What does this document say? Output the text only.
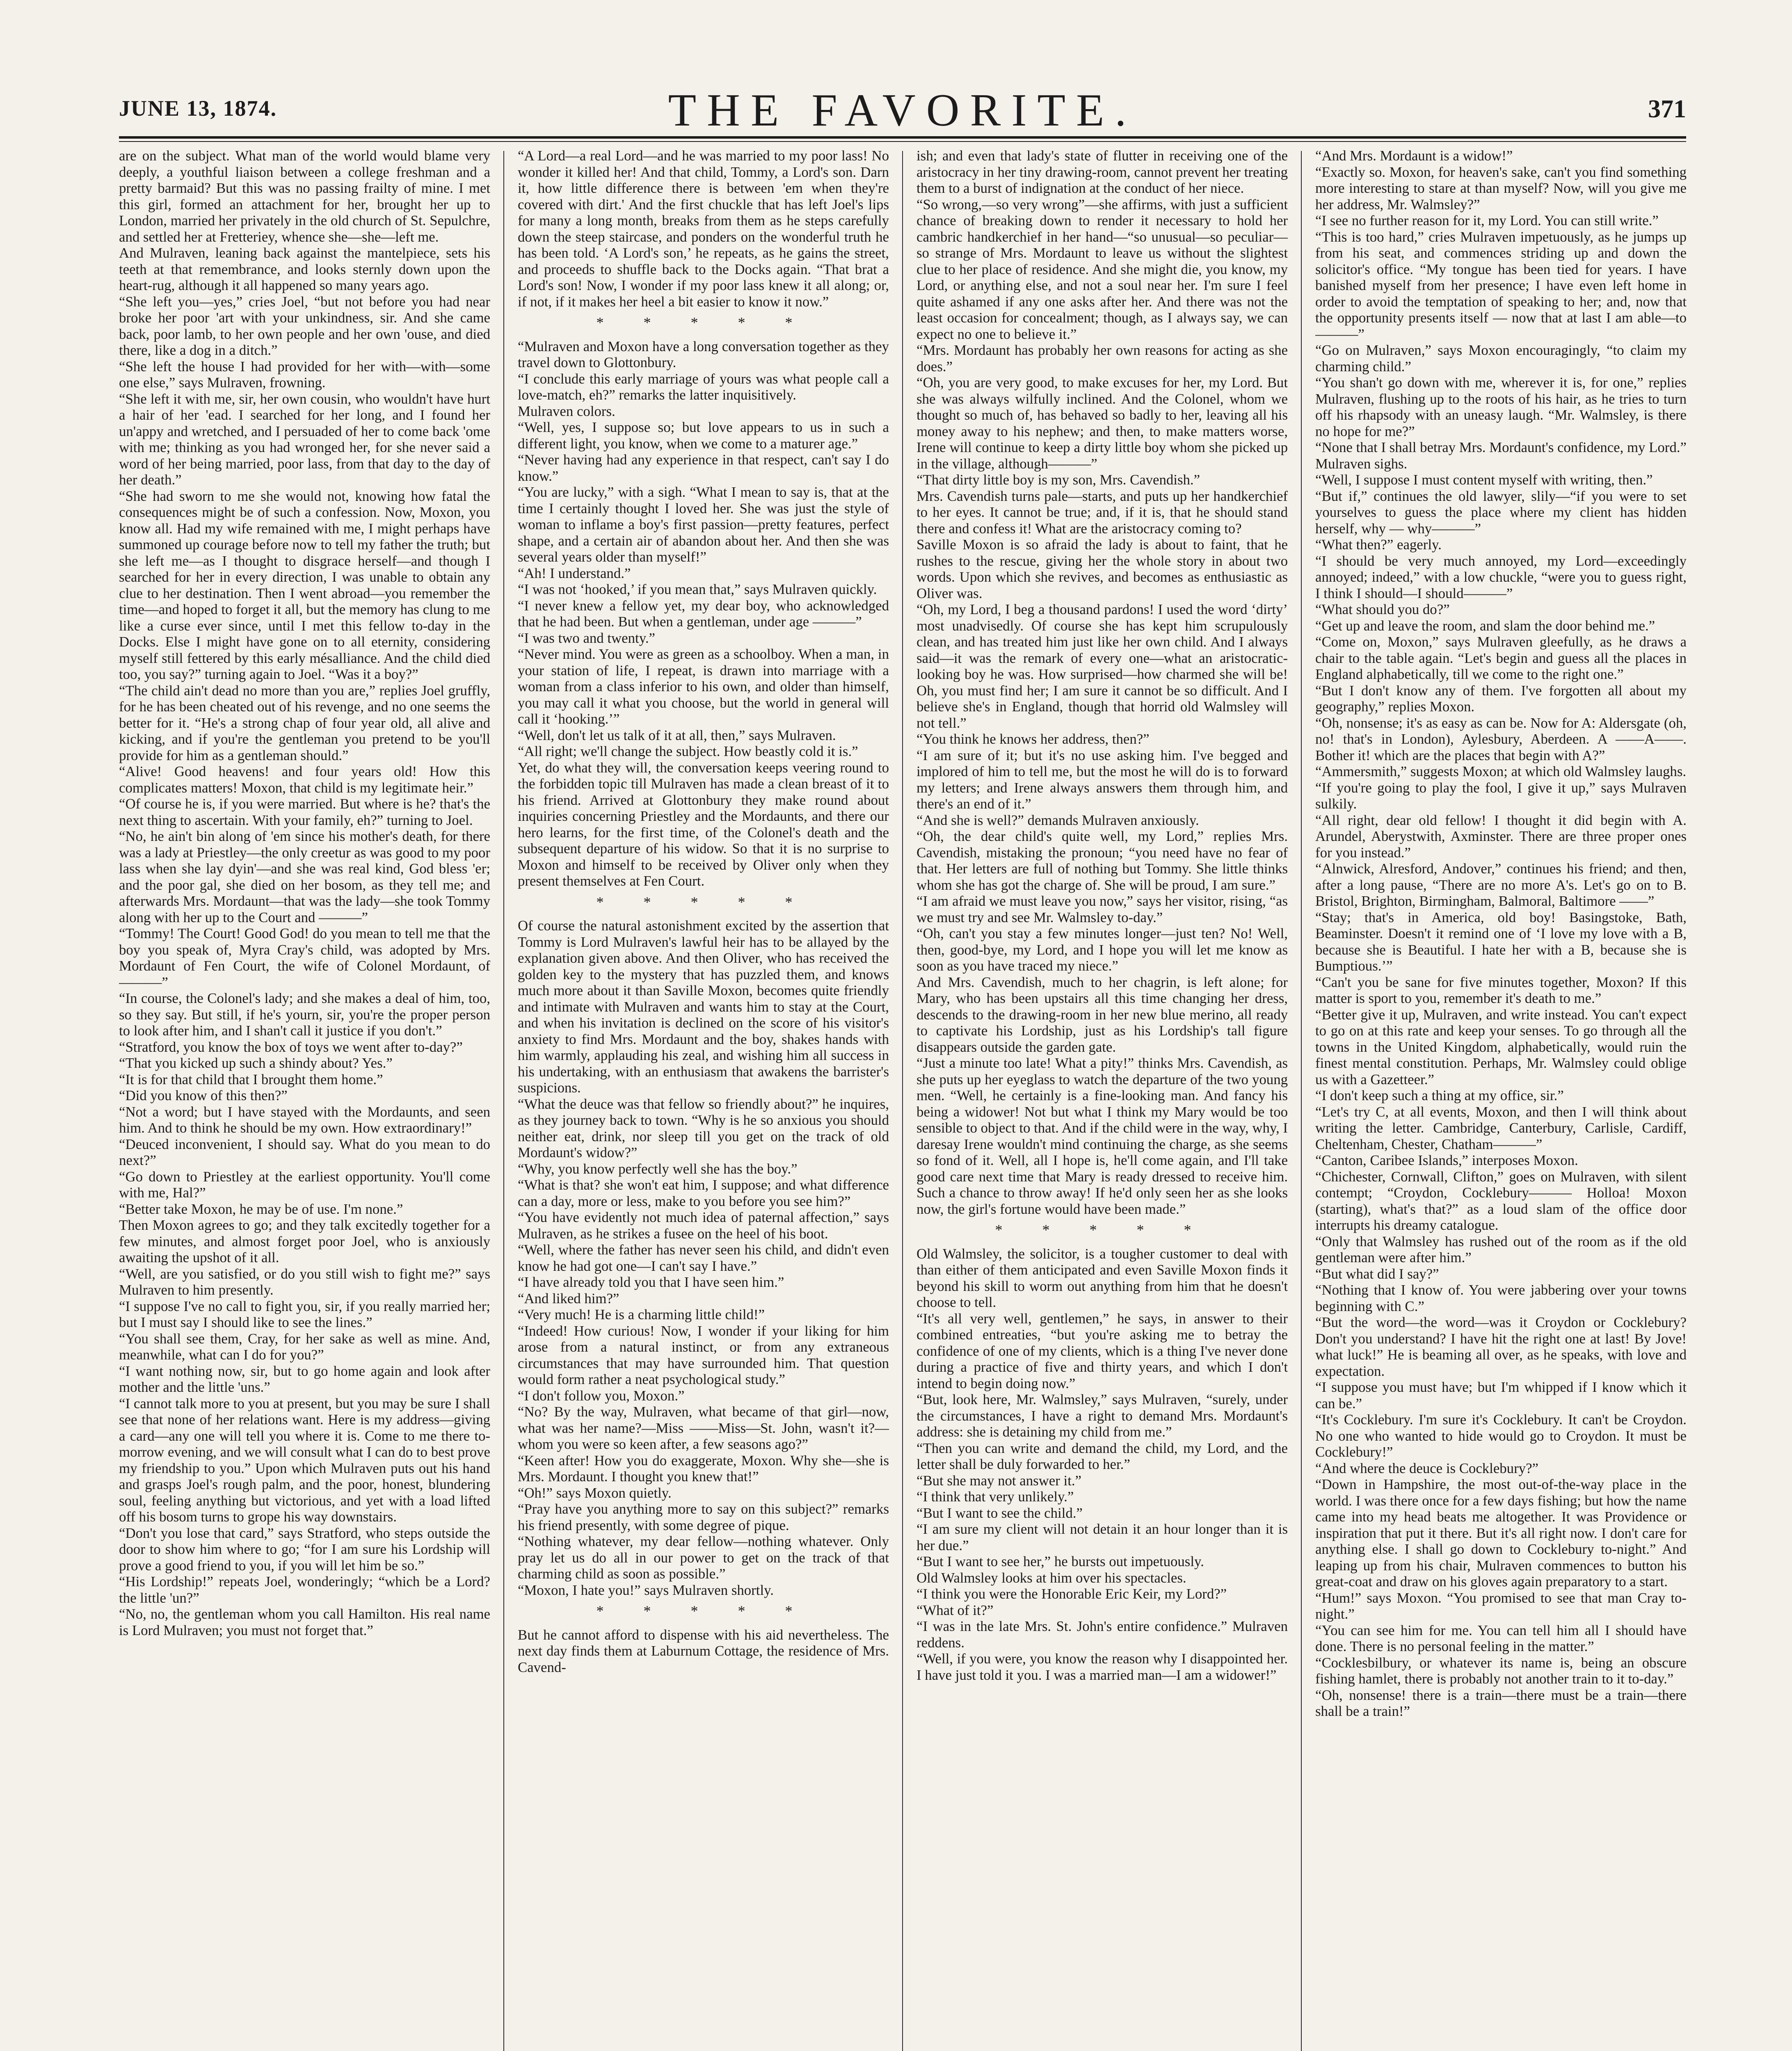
JUNE 13, 1874.	THE FAVORITE.	371

are on the subject. What man of the world would blame very deeply, a youthful liaison between a college freshman and a pretty barmaid? But this was no passing frailty of mine. I met this girl, formed an attachment for her, brought her up to London, married her privately in the old church of St. Sepulchre, and settled her at Fretteriey, whence she—she—left me.

And Mulraven, leaning back against the mantelpiece, sets his teeth at that remembrance, and looks sternly down upon the heart-rug, although it all happened so many years ago.

“She left you—yes,” cries Joel, “but not before you had near broke her poor 'art with your unkindness, sir. And she came back, poor lamb, to her own people and her own 'ouse, and died there, like a dog in a ditch.”

“She left the house I had provided for her with—with—some one else,” says Mulraven, frowning.

“She left it with me, sir, her own cousin, who wouldn't have hurt a hair of her 'ead. I searched for her long, and I found her un'appy and wretched, and I persuaded of her to come back 'ome with me; thinking as you had wronged her, for she never said a word of her being married, poor lass, from that day to the day of her death.”

“She had sworn to me she would not, knowing how fatal the consequences might be of such a confession. Now, Moxon, you know all. Had my wife remained with me, I might perhaps have summoned up courage before now to tell my father the truth; but she left me—as I thought to disgrace herself—and though I searched for her in every direction, I was unable to obtain any clue to her destination. Then I went abroad—you remember the time—and hoped to forget it all, but the memory has clung to me like a curse ever since, until I met this fellow to-day in the Docks. Else I might have gone on to all eternity, considering myself still fettered by this early mésalliance. And the child died too, you say?” turning again to Joel. “Was it a boy?”

“The child ain't dead no more than you are,” replies Joel gruffly, for he has been cheated out of his revenge, and no one seems the better for it. “He's a strong chap of four year old, all alive and kicking, and if you're the gentleman you pretend to be you'll provide for him as a gentleman should.”

“Alive! Good heavens! and four years old! How this complicates matters! Moxon, that child is my legitimate heir.”

“Of course he is, if you were married. But where is he? that's the next thing to ascertain. With your family, eh?” turning to Joel.

“No, he ain't bin along of 'em since his mother's death, for there was a lady at Priestley—the only creetur as was good to my poor lass when she lay dyin'—and she was real kind, God bless 'er; and the poor gal, she died on her bosom, as they tell me; and afterwards Mrs. Mordaunt—that was the lady—she took Tommy along with her up to the Court and ———”

“Tommy! The Court! Good God! do you mean to tell me that the boy you speak of, Myra Cray's child, was adopted by Mrs. Mordaunt of Fen Court, the wife of Colonel Mordaunt, of ———”

“In course, the Colonel's lady; and she makes a deal of him, too, so they say. But still, if he's yourn, sir, you're the proper person to look after him, and I shan't call it justice if you don't.”

“Stratford, you know the box of toys we went after to-day?”

“That you kicked up such a shindy about? Yes.”

“It is for that child that I brought them home.”

“Did you know of this then?”

“Not a word; but I have stayed with the Mordaunts, and seen him. And to think he should be my own. How extraordinary!”

“Deuced inconvenient, I should say. What do you mean to do next?”

“Go down to Priestley at the earliest opportunity. You'll come with me, Hal?”

“Better take Moxon, he may be of use. I'm none.”

Then Moxon agrees to go; and they talk excitedly together for a few minutes, and almost forget poor Joel, who is anxiously awaiting the upshot of it all.

“Well, are you satisfied, or do you still wish to fight me?” says Mulraven to him presently.

“I suppose I've no call to fight you, sir, if you really married her; but I must say I should like to see the lines.”

“You shall see them, Cray, for her sake as well as mine. And, meanwhile, what can I do for you?”

“I want nothing now, sir, but to go home again and look after mother and the little 'uns.”

“I cannot talk more to you at present, but you may be sure I shall see that none of her relations want. Here is my address—giving a card—any one will tell you where it is. Come to me there to-morrow evening, and we will consult what I can do to best prove my friendship to you.” Upon which Mulraven puts out his hand and grasps Joel's rough palm, and the poor, honest, blundering soul, feeling anything but victorious, and yet with a load lifted off his bosom turns to grope his way downstairs.

“Don't you lose that card,” says Stratford, who steps outside the door to show him where to go; “for I am sure his Lordship will prove a good friend to you, if you will let him be so.”

“His Lordship!” repeats Joel, wonderingly; “which be a Lord? the little 'un?”

“No, no, the gentleman whom you call Hamilton. His real name is Lord Mulraven; you must not forget that.”

“A Lord—a real Lord—and he was married to my poor lass! No wonder it killed her! And that child, Tommy, a Lord's son. Darn it, how little difference there is between 'em when they're covered with dirt.' And the first chuckle that has left Joel's lips for many a long month, breaks from them as he steps carefully down the steep staircase, and ponders on the wonderful truth he has been told. ‘A Lord's son,’ he repeats, as he gains the street, and proceeds to shuffle back to the Docks again. “That brat a Lord's son! Now, I wonder if my poor lass knew it all along; or, if not, if it makes her heel a bit easier to know it now.”

* * * * *

“Mulraven and Moxon have a long conversation together as they travel down to Glottonbury.

“I conclude this early marriage of yours was what people call a love-match, eh?” remarks the latter inquisitively.

Mulraven colors.

“Well, yes, I suppose so; but love appears to us in such a different light, you know, when we come to a maturer age.”

“Never having had any experience in that respect, can't say I do know.”

“You are lucky,” with a sigh. “What I mean to say is, that at the time I certainly thought I loved her. She was just the style of woman to inflame a boy's first passion—pretty features, perfect shape, and a certain air of abandon about her. And then she was several years older than myself!”

“Ah! I understand.”

“I was not ‘hooked,’ if you mean that,” says Mulraven quickly.

“I never knew a fellow yet, my dear boy, who acknowledged that he had been. But when a gentleman, under age ———”

“I was two and twenty.”

“Never mind. You were as green as a schoolboy. When a man, in your station of life, I repeat, is drawn into marriage with a woman from a class inferior to his own, and older than himself, you may call it what you choose, but the world in general will call it ‘hooking.’”

“Well, don't let us talk of it at all, then,” says Mulraven.

“All right; we'll change the subject. How beastly cold it is.”

Yet, do what they will, the conversation keeps veering round to the forbidden topic till Mulraven has made a clean breast of it to his friend. Arrived at Glottonbury they make round about inquiries concerning Priestley and the Mordaunts, and there our hero learns, for the first time, of the Colonel's death and the subsequent departure of his widow. So that it is no surprise to Moxon and himself to be received by Oliver only when they present themselves at Fen Court.

* * * * *

Of course the natural astonishment excited by the assertion that Tommy is Lord Mulraven's lawful heir has to be allayed by the explanation given above. And then Oliver, who has received the golden key to the mystery that has puzzled them, and knows much more about it than Saville Moxon, becomes quite friendly and intimate with Mulraven and wants him to stay at the Court, and when his invitation is declined on the score of his visitor's anxiety to find Mrs. Mordaunt and the boy, shakes hands with him warmly, applauding his zeal, and wishing him all success in his undertaking, with an enthusiasm that awakens the barrister's suspicions.

“What the deuce was that fellow so friendly about?” he inquires, as they journey back to town. “Why is he so anxious you should neither eat, drink, nor sleep till you get on the track of old Mordaunt's widow?”

“Why, you know perfectly well she has the boy.”

“What is that? she won't eat him, I suppose; and what difference can a day, more or less, make to you before you see him?”

“You have evidently not much idea of paternal affection,” says Mulraven, as he strikes a fusee on the heel of his boot.

“Well, where the father has never seen his child, and didn't even know he had got one—I can't say I have.”

“I have already told you that I have seen him.”

“And liked him?”

“Very much! He is a charming little child!”

“Indeed! How curious! Now, I wonder if your liking for him arose from a natural instinct, or from any extraneous circumstances that may have surrounded him. That question would form rather a neat psychological study.”

“I don't follow you, Moxon.”

“No? By the way, Mulraven, what became of that girl—now, what was her name?—Miss ——Miss—St. John, wasn't it?—whom you were so keen after, a few seasons ago?”

“Keen after! How you do exaggerate, Moxon. Why she—she is Mrs. Mordaunt. I thought you knew that!”

“Oh!” says Moxon quietly.

“Pray have you anything more to say on this subject?” remarks his friend presently, with some degree of pique.

“Nothing whatever, my dear fellow—nothing whatever. Only pray let us do all in our power to get on the track of that charming child as soon as possible.”

“Moxon, I hate you!” says Mulraven shortly.

* * * * *

But he cannot afford to dispense with his aid nevertheless. The next day finds them at Laburnum Cottage, the residence of Mrs. Cavend-

ish; and even that lady's state of flutter in receiving one of the aristocracy in her tiny drawing-room, cannot prevent her treating them to a burst of indignation at the conduct of her niece.

“So wrong,—so very wrong”—she affirms, with just a sufficient chance of breaking down to render it necessary to hold her cambric handkerchief in her hand—“so unusual—so peculiar—so strange of Mrs. Mordaunt to leave us without the slightest clue to her place of residence. And she might die, you know, my Lord, or anything else, and not a soul near her. I'm sure I feel quite ashamed if any one asks after her. And there was not the least occasion for concealment; though, as I always say, we can expect no one to believe it.”

“Mrs. Mordaunt has probably her own reasons for acting as she does.”

“Oh, you are very good, to make excuses for her, my Lord. But she was always wilfully inclined. And the Colonel, whom we thought so much of, has behaved so badly to her, leaving all his money away to his nephew; and then, to make matters worse, Irene will continue to keep a dirty little boy whom she picked up in the village, although———”

“That dirty little boy is my son, Mrs. Cavendish.”

Mrs. Cavendish turns pale—starts, and puts up her handkerchief to her eyes. It cannot be true; and, if it is, that he should stand there and confess it! What are the aristocracy coming to?

Saville Moxon is so afraid the lady is about to faint, that he rushes to the rescue, giving her the whole story in about two words. Upon which she revives, and becomes as enthusiastic as Oliver was.

“Oh, my Lord, I beg a thousand pardons! I used the word ‘dirty’ most unadvisedly. Of course she has kept him scrupulously clean, and has treated him just like her own child. And I always said—it was the remark of every one—what an aristocratic-looking boy he was. How surprised—how charmed she will be! Oh, you must find her; I am sure it cannot be so difficult. And I believe she's in England, though that horrid old Walmsley will not tell.”

“You think he knows her address, then?”

“I am sure of it; but it's no use asking him. I've begged and implored of him to tell me, but the most he will do is to forward my letters; and Irene always answers them through him, and there's an end of it.”

“And she is well?” demands Mulraven anxiously.

“Oh, the dear child's quite well, my Lord,” replies Mrs. Cavendish, mistaking the pronoun; “you need have no fear of that. Her letters are full of nothing but Tommy. She little thinks whom she has got the charge of. She will be proud, I am sure.”

“I am afraid we must leave you now,” says her visitor, rising, “as we must try and see Mr. Walmsley to-day.”

“Oh, can't you stay a few minutes longer—just ten? No! Well, then, good-bye, my Lord, and I hope you will let me know as soon as you have traced my niece.”

And Mrs. Cavendish, much to her chagrin, is left alone; for Mary, who has been upstairs all this time changing her dress, descends to the drawing-room in her new blue merino, all ready to captivate his Lordship, just as his Lordship's tall figure disappears outside the garden gate.

“Just a minute too late! What a pity!” thinks Mrs. Cavendish, as she puts up her eyeglass to watch the departure of the two young men. “Well, he certainly is a fine-looking man. And fancy his being a widower! Not but what I think my Mary would be too sensible to object to that. And if the child were in the way, why, I daresay Irene wouldn't mind continuing the charge, as she seems so fond of it. Well, all I hope is, he'll come again, and I'll take good care next time that Mary is ready dressed to receive him. Such a chance to throw away! If he'd only seen her as she looks now, the girl's fortune would have been made.”

* * * * *

Old Walmsley, the solicitor, is a tougher customer to deal with than either of them anticipated and even Saville Moxon finds it beyond his skill to worm out anything from him that he doesn't choose to tell.

“It's all very well, gentlemen,” he says, in answer to their combined entreaties, “but you're asking me to betray the confidence of one of my clients, which is a thing I've never done during a practice of five and thirty years, and which I don't intend to begin doing now.”

“But, look here, Mr. Walmsley,” says Mulraven, “surely, under the circumstances, I have a right to demand Mrs. Mordaunt's address: she is detaining my child from me.”

“Then you can write and demand the child, my Lord, and the letter shall be duly forwarded to her.”

“But she may not answer it.”

“I think that very unlikely.”

“But I want to see the child.”

“I am sure my client will not detain it an hour longer than it is her due.”

“But I want to see her,” he bursts out impetuously.

Old Walmsley looks at him over his spectacles.

“I think you were the Honorable Eric Keir, my Lord?”

“What of it?”

“I was in the late Mrs. St. John's entire confidence.” Mulraven reddens.

“Well, if you were, you know the reason why I disappointed her. I have just told it you. I was a married man—I am a widower!”

“And Mrs. Mordaunt is a widow!”

“Exactly so. Moxon, for heaven's sake, can't you find something more interesting to stare at than myself? Now, will you give me her address, Mr. Walmsley?”

“I see no further reason for it, my Lord. You can still write.”

“This is too hard,” cries Mulraven impetuously, as he jumps up from his seat, and commences striding up and down the solicitor's office. “My tongue has been tied for years. I have banished myself from her presence; I have even left home in order to avoid the temptation of speaking to her; and, now that the opportunity presents itself — now that at last I am able—to———”

“Go on Mulraven,” says Moxon encouragingly, “to claim my charming child.”

“You shan't go down with me, wherever it is, for one,” replies Mulraven, flushing up to the roots of his hair, as he tries to turn off his rhapsody with an uneasy laugh. “Mr. Walmsley, is there no hope for me?”

“None that I shall betray Mrs. Mordaunt's confidence, my Lord.”

Mulraven sighs.

“Well, I suppose I must content myself with writing, then.”

“But if,” continues the old lawyer, slily—“if you were to set yourselves to guess the place where my client has hidden herself, why — why———”

“What then?” eagerly.

“I should be very much annoyed, my Lord—exceedingly annoyed; indeed,” with a low chuckle, “were you to guess right, I think I should—I should———”

“What should you do?”

“Get up and leave the room, and slam the door behind me.”

“Come on, Moxon,” says Mulraven gleefully, as he draws a chair to the table again. “Let's begin and guess all the places in England alphabetically, till we come to the right one.”

“But I don't know any of them. I've forgotten all about my geography,” replies Moxon.

“Oh, nonsense; it's as easy as can be. Now for A: Aldersgate (oh, no! that's in London), Aylesbury, Aberdeen. A ——A——. Bother it! which are the places that begin with A?”

“Ammersmith,” suggests Moxon; at which old Walmsley laughs.

“If you're going to play the fool, I give it up,” says Mulraven sulkily.

“All right, dear old fellow! I thought it did begin with A. Arundel, Aberystwith, Axminster. There are three proper ones for you instead.”

“Alnwick, Alresford, Andover,” continues his friend; and then, after a long pause, “There are no more A's. Let's go on to B. Bristol, Brighton, Birmingham, Balmoral, Baltimore ——”

“Stay; that's in America, old boy! Basingstoke, Bath, Beaminster. Doesn't it remind one of ‘I love my love with a B, because she is Beautiful. I hate her with a B, because she is Bumptious.’”

“Can't you be sane for five minutes together, Moxon? If this matter is sport to you, remember it's death to me.”

“Better give it up, Mulraven, and write instead. You can't expect to go on at this rate and keep your senses. To go through all the towns in the United Kingdom, alphabetically, would ruin the finest mental constitution. Perhaps, Mr. Walmsley could oblige us with a Gazetteer.”

“I don't keep such a thing at my office, sir.”

“Let's try C, at all events, Moxon, and then I will think about writing the letter. Cambridge, Canterbury, Carlisle, Cardiff, Cheltenham, Chester, Chatham———”

“Canton, Caribee Islands,” interposes Moxon.

“Chichester, Cornwall, Clifton,” goes on Mulraven, with silent contempt; “Croydon, Cocklebury——— Holloa! Moxon (starting), what's that?” as a loud slam of the office door interrupts his dreamy catalogue.

“Only that Walmsley has rushed out of the room as if the old gentleman were after him.”

“But what did I say?”

“Nothing that I know of. You were jabbering over your towns beginning with C.”

“But the word—the word—was it Croydon or Cocklebury? Don't you understand? I have hit the right one at last! By Jove! what luck!” He is beaming all over, as he speaks, with love and expectation.

“I suppose you must have; but I'm whipped if I know which it can be.”

“It's Cocklebury. I'm sure it's Cocklebury. It can't be Croydon. No one who wanted to hide would go to Croydon. It must be Cocklebury!”

“And where the deuce is Cocklebury?”

“Down in Hampshire, the most out-of-the-way place in the world. I was there once for a few days fishing; but how the name came into my head beats me altogether. It was Providence or inspiration that put it there. But it's all right now. I don't care for anything else. I shall go down to Cocklebury to-night.” And leaping up from his chair, Mulraven commences to button his great-coat and draw on his gloves again preparatory to a start.

“Hum!” says Moxon. “You promised to see that man Cray to-night.”

“You can see him for me. You can tell him all I should have done. There is no personal feeling in the matter.”

“Cocklesbilbury, or whatever its name is, being an obscure fishing hamlet, there is probably not another train to it to-day.”

“Oh, nonsense! there is a train—there must be a train—there shall be a train!”
